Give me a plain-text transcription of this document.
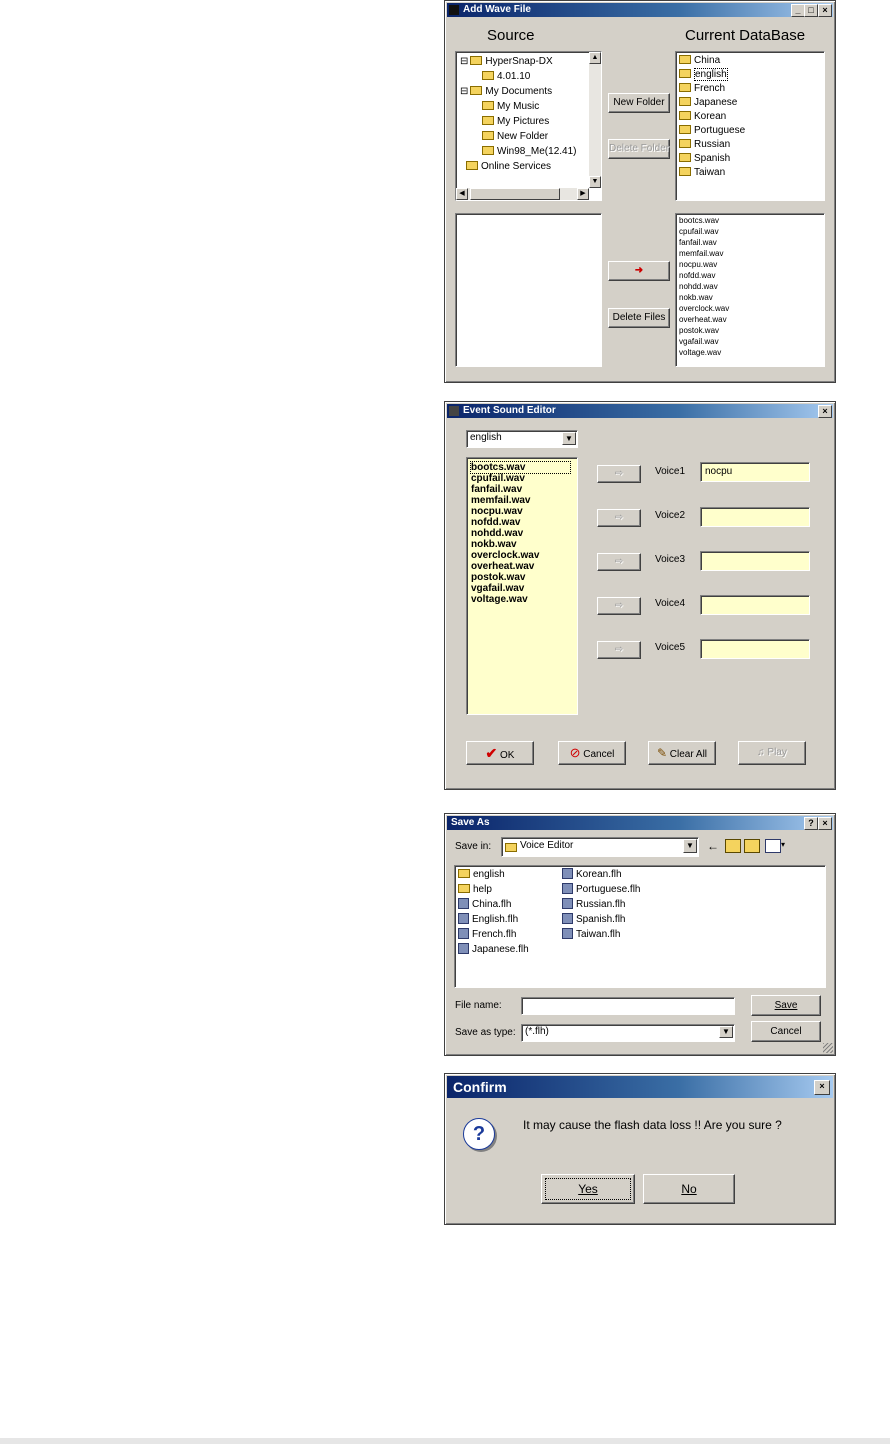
Add Wave File	_ □ ×
Source	Current DataBase
⊟ HyperSnap-DX
4.01.10
⊟ My Documents
My Music
My Pictures
New Folder
Win98_Me(12.41)
Online Services
▲
▼
◀	▶
New Folder
Delete Folder
China
english
French
Japanese
Korean
Portuguese
Russian
Spanish
Taiwan
➜
Delete Files
bootcs.wav
cpufail.wav
fanfail.wav
memfail.wav
nocpu.wav
nofdd.wav
nohdd.wav
nokb.wav
overclock.wav
overheat.wav
postok.wav
vgafail.wav
voltage.wav
Event Sound Editor	×
english	▼
bootcs.wav
cpufail.wav
fanfail.wav
memfail.wav
nocpu.wav
nofdd.wav
nohdd.wav
nokb.wav
overclock.wav
overheat.wav
postok.wav
vgafail.wav
voltage.wav
⇨	Voice1	nocpu
⇨	Voice2
⇨	Voice3
⇨	Voice4
⇨	Voice5
✔ OK	⊘ Cancel	✎ Clear All	♫ Play
Save As	? ×
Save in:	Voice Editor	▼ ←	▾
english
help
China.flh
English.flh
French.flh
Japanese.flh
Korean.flh
Portuguese.flh
Russian.flh
Spanish.flh
Taiwan.flh
File name:	Save
Save as type: (*.flh)	▼	Cancel
Confirm	×
?	It may cause the flash data loss !! Are you sure ?
Yes	No
